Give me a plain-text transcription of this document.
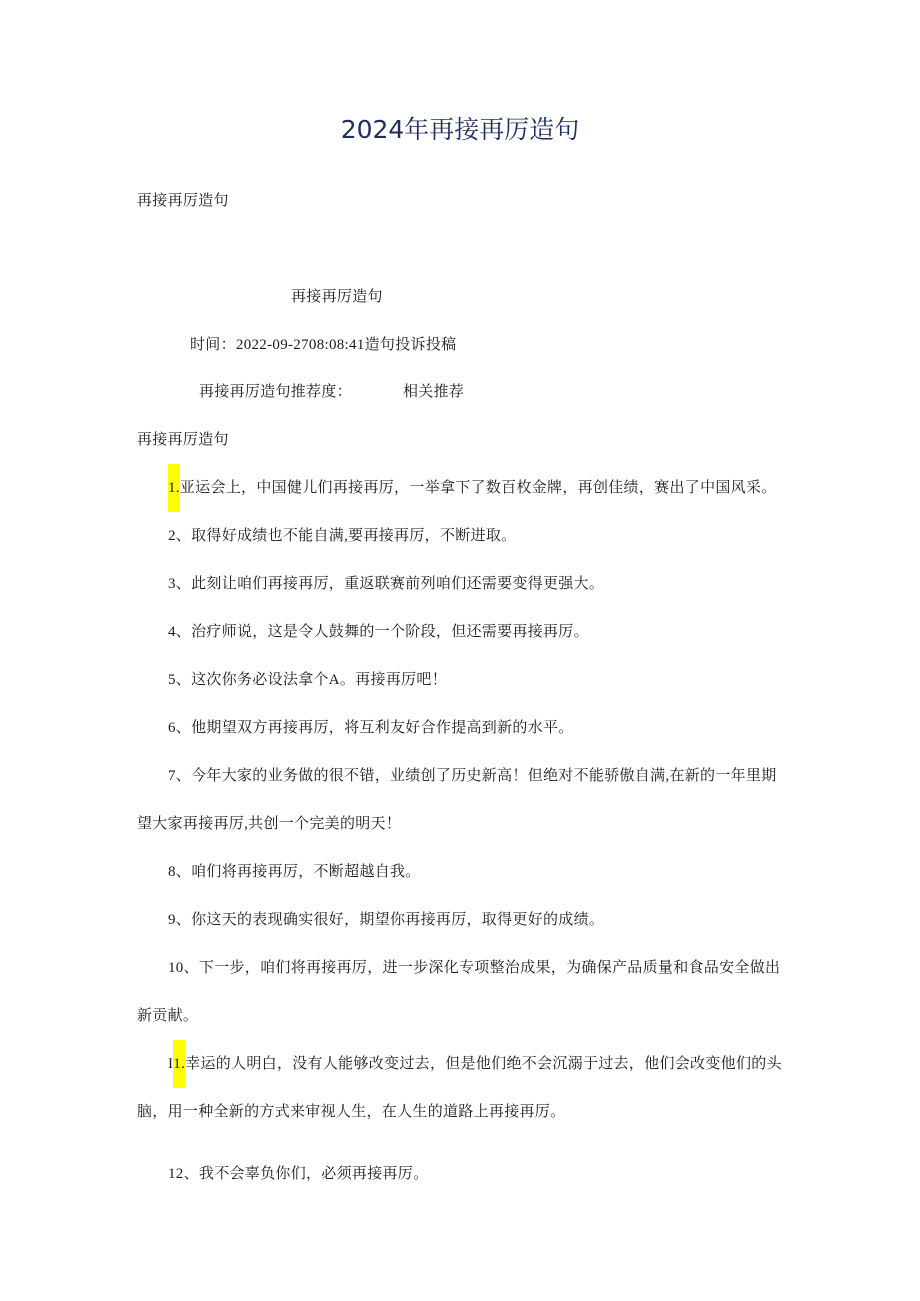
2024年再接再厉造句
再接再厉造句
再接再厉造句
时间：2022-09-2708:08:41造句投诉投稿
再接再厉造句推荐度：	相关推荐
再接再厉造句
1.亚运会上，中国健儿们再接再厉，一举拿下了数百枚金牌，再创佳绩，赛出了中国风采。
2、取得好成绩也不能自满,要再接再厉，不断进取。
3、此刻让咱们再接再厉，重返联赛前列咱们还需要变得更强大。
4、治疗师说，这是令人鼓舞的一个阶段，但还需要再接再厉。
5、这次你务必设法拿个A。再接再厉吧！
6、他期望双方再接再厉，将互利友好合作提高到新的水平。
7、今年大家的业务做的很不错，业绩创了历史新高！但绝对不能骄傲自满,在新的一年里期
望大家再接再厉,共创一个完美的明天！
8、咱们将再接再厉，不断超越自我。
9、你这天的表现确实很好，期望你再接再厉，取得更好的成绩。
10、下一步，咱们将再接再厉，进一步深化专项整治成果，为确保产品质量和食品安全做出
新贡献。
I1.幸运的人明白，没有人能够改变过去，但是他们绝不会沉溺于过去，他们会改变他们的头
脑，用一种全新的方式来审视人生，在人生的道路上再接再厉。
12、我不会辜负你们，必须再接再厉。
